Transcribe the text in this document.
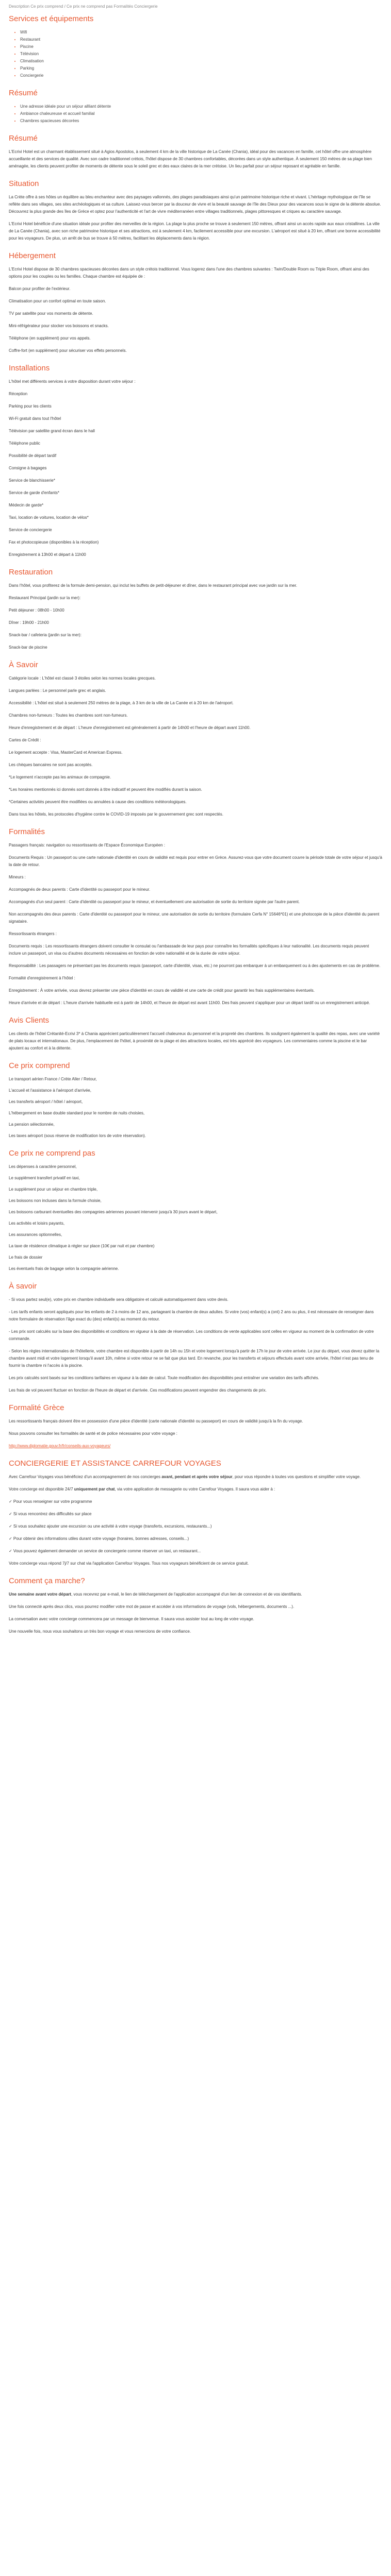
Description Ce prix comprend / Ce prix ne comprend pas Formalités Conciergerie
Services et équipements
• Wifi
• Restaurant
• Piscine
• Télévision
• Climatisation
• Parking
• Conciergerie
Résumé
• Une adresse idéale pour un séjour allliant détente
• Ambiance chaleureuse et accueil familial
• Chambres spacieuses décorées
Résumé

L'Ecrivi Hotel est un charmant établissement situé à Agios Apostolos, à seulement 4 km de la ville historique de La Canée (Chania), idéal pour des vacances en famille, cet hôtel offre une atmosphère accueillante et des services de qualité. Avec son cadre traditionnel crétois, l'hôtel dispose de 30 chambres confortables, décorées dans un style authentique. À seulement 150 mètres de sa plage bien aménagée, les clients peuvent profiter de moments de détente sous le soleil grec et des eaux claires de la mer crétoise. Un lieu parfait pour un séjour reposant et agréable en famille.

Situation

La Crète offre à ses hôtes un équilibre au bleu enchanteur avec des paysages vallonnés, des plages paradisiaques ainsi qu'un patrimoine historique riche et vivant. L'héritage mythologique de l'île se reflète dans ses villages, ses sites archéologiques et sa culture. Laissez-vous bercer par la douceur de vivre et la beauté sauvage de l'île des Dieux pour des vacances sous le signe de la détente absolue. Découvrez la plus grande des îles de Grèce et optez pour l'authenticité et l'art de vivre méditerranéen entre villages traditionnels, plages pittoresques et criques au caractère sauvage.

L'Ecrivi Hotel bénéficie d'une situation idéale pour profiter des merveilles de la région. La plage la plus proche se trouve à seulement 150 mètres, offrant ainsi un accès rapide aux eaux cristallines. La ville de La Canée (Chania), avec son riche patrimoine historique et ses attractions, est à seulement 4 km, facilement accessible pour une excursion. L'aéroport est situé à 20 km, offrant une bonne accessibilité pour les voyageurs. De plus, un arrêt de bus se trouve à 50 mètres, facilitant les déplacements dans la région.

Hébergement

L'Ecrivi Hotel dispose de 30 chambres spacieuses décorées dans un style crétois traditionnel. Vous logerez dans l'une des chambres suivantes : Twin/Double Room ou Triple Room, offrant ainsi des options pour les couples ou les familles. Chaque chambre est équipée de :

Balcon pour profiter de l'extérieur.

Climatisation pour un confort optimal en toute saison.

TV par satellite pour vos moments de détente.

Mini-réfrigérateur pour stocker vos boissons et snacks.

Téléphone (en supplément) pour vos appels.

Coffre-fort (en supplément) pour sécuriser vos effets personnels.

Installations

L'hôtel met différents services à votre disposition durant votre séjour :

Réception

Parking pour les clients

Wi-Fi gratuit dans tout l'hôtel

Télévision par satellite grand écran dans le hall

Téléphone public

Possibilité de départ tardif

Consigne à bagages

Service de blanchisserie*

Service de garde d'enfants*

Médecin de garde*

Taxi, location de voitures, location de vélos*

Service de conciergerie

Fax et photocopieuse (disponibles à la réception)

Enregistrement à 13h00 et départ à 11h00

Restauration

Dans l'hôtel, vous profiterez de la formule demi-pension, qui inclut les buffets de petit-déjeuner et dîner, dans le restaurant principal avec vue jardin sur la mer.

Restaurant Principal (jardin sur la mer):

Petit déjeuner : 08h00 - 10h00

Dîner : 19h00 - 21h00

Snack-bar / cafeteria (jardin sur la mer):

Snack-bar de piscine

À Savoir

Catégorie locale : L'hôtel est classé 3 étoiles selon les normes locales grecques.

Langues parlées : Le personnel parle grec et anglais.

Accessibilité : L'hôtel est situé à seulement 250 mètres de la plage, à 3 km de la ville de La Canée et à 20 km de l'aéroport.

Chambres non-fumeurs : Toutes les chambres sont non-fumeurs.

Heure d'enregistrement et de départ : L'heure d'enregistrement est généralement à partir de 14h00 et l'heure de départ avant 11h00.

Cartes de Crédit :

Le logement accepte : Visa, MasterCard et American Express.

Les chèques bancaires ne sont pas acceptés.

*Le logement n'accepte pas les animaux de compagnie.

*Les horaires mentionnés ici donnés sont donnés à titre indicatif et peuvent être modifiés durant la saison.

*Certaines activités peuvent être modifiées ou annulées à cause des conditions météorologiques.

Dans tous les hôtels, les protocoles d'hygiène contre le COVID-19 imposés par le gouvernement grec sont respectés.

Formalités

Passagers français: navigation ou ressortissants de l'Espace Économique Européen :

Documents Requis : Un passeport ou une carte nationale d'identité en cours de validité est requis pour entrer en Grèce. Assurez-vous que votre document couvre la période totale de votre séjour et jusqu'à la date de retour.

Mineurs :

Accompagnés de deux parents : Carte d'identité ou passeport pour le mineur.

Accompagnés d'un seul parent : Carte d'identité ou passeport pour le mineur, et éventuellement une autorisation de sortie du territoire signée par l'autre parent.

Non accompagnés des deux parents : Carte d'identité ou passeport pour le mineur, une autorisation de sortie du territoire (formulaire Cerfa N° 15646*01) et une photocopie de la pièce d'identité du parent signataire.

Ressortissants étrangers :

Documents requis : Les ressortissants étrangers doivent consulter le consulat ou l'ambassade de leur pays pour connaître les formalités spécifiques à leur nationalité. Les documents requis peuvent inclure un passeport, un visa ou d'autres documents nécessaires en fonction de votre nationalité et de la durée de votre séjour.

Responsabilité : Les passagers ne présentant pas les documents requis (passeport, carte d'identité, visas, etc.) ne pourront pas embarquer à un embarquement ou à des ajustements en cas de problème.

Formalité d'enregistrement à l'hôtel :

Enregistrement : À votre arrivée, vous devrez présenter une pièce d'identité en cours de validité et une carte de crédit pour garantir les frais supplémentaires éventuels.

Heure d'arrivée et de départ : L'heure d'arrivée habituelle est à partir de 14h00, et l'heure de départ est avant 11h00. Des frais peuvent s'appliquer pour un départ tardif ou un enregistrement anticipé.

Avis Clients

Les clients de l'hôtel Crétanité-Ecrivi 3* à Chania apprécient particulièrement l'accueil chaleureux du personnel et la propreté des chambres. Ils soulignent également la qualité des repas, avec une variété de plats locaux et internationaux. De plus, l'emplacement de l'hôtel, à proximité de la plage et des attractions locales, est très apprécié des voyageurs. Les commentaires comme la piscine et le bar ajoutent au confort et à la détente.

Ce prix comprend
Le transport aérien France / Crète Aller / Retour,
L'accueil et l'assistance à l'aéroport d'arrivée,
Les transferts aéroport / hôtel / aéroport,
L'hébergement en base double standard pour le nombre de nuits choisies,
La pension sélectionnée,
Les taxes aéroport (sous réserve de modification lors de votre réservation).
Ce prix ne comprend pas
Les dépenses à caractère personnel,
Le supplément transfert privatif en taxi,
Le supplément pour un séjour en chambre triple,
Les boissons non incluses dans la formule choisie,
Les boissons carburant éventuelles des compagnies aériennes pouvant intervenir jusqu'à 30 jours avant le départ,
Les activités et loisirs payants,
Les assurances optionnelles,
La taxe de résidence climatique à régler sur place (10€ par nuit et par chambre)
Le frais de dossier
Les éventuels frais de bagage selon la compagnie aérienne.
À savoir

- Si vous partez seul(e), votre prix en chambre individuelle sera obligatoire et calculé automatiquement dans votre devis.

- Les tarifs enfants seront appliqués pour les enfants de 2 à moins de 12 ans, partageant la chambre de deux adultes. Si votre (vos) enfant(s) a (ont) 2 ans ou plus, il est nécessaire de renseigner dans notre formulaire de réservation l'âge exact du (des) enfant(s) au moment du retour.

- Les prix sont calculés sur la base des disponibilités et conditions en vigueur à la date de réservation. Les conditions de vente applicables sont celles en vigueur au moment de la confirmation de votre commande.

- Selon les règles internationales de l'hôtellerie, votre chambre est disponible à partir de 14h ou 15h et votre logement lorsqu'à partir de 17h le jour de votre arrivée. Le jour du départ, vous devez quitter la chambre avant midi et votre logement lorsqu'il avant 10h, même si votre retour ne se fait que plus tard. En revanche, pour les transferts et séjours effectués avant votre arrivée, l'hôtel n'est pas tenu de fournir la chambre ni l'accès à la piscine.

Les prix calculés sont basés sur les conditions tarifaires en vigueur à la date de calcul. Toute modification des disponibilités peut entraîner une variation des tarifs affichés.

Les frais de vol peuvent fluctuer en fonction de l'heure de départ et d'arrivée. Ces modifications peuvent engendrer des changements de prix.

Formalité Grèce

Les ressortissants français doivent être en possession d'une pièce d'identité (carte nationale d'identité ou passeport) en cours de validité jusqu'à la fin du voyage.

Nous pouvons consulter les formalités de santé et de police nécessaires pour votre voyage :

http://www.diplomatie.gouv.fr/fr/conseils-aux-voyageurs/

CONCIERGERIE ET ASSISTANCE CARREFOUR VOYAGES

Avec Carrefour Voyages vous bénéficiez d'un accompagnement de nos concierges avant, pendant et après votre séjour, pour vous répondre à toutes vos questions et simplifier votre voyage.

Votre concierge est disponible 24/7 uniquement par chat, via votre application de messagerie ou votre Carrefour Voyages. Il saura vous aider à :

✓ Pour vous renseigner sur votre programme

✓ Si vous rencontrez des difficultés sur place

✓ Si vous souhaitez ajouter une excursion ou une activité à votre voyage (transferts, excursions, restaurants...)

✓ Pour obtenir des informations utiles durant votre voyage (horaires, bonnes adresses, conseils...)

✓ Vous pouvez également demander un service de conciergerie comme réserver un taxi, un restaurant...

Votre concierge vous répond 7j/7 sur chat via l'application Carrefour Voyages. Tous nos voyageurs bénéficient de ce service gratuit.

Comment ça marche?

Une semaine avant votre départ, vous recevrez par e-mail, le lien de téléchargement de l'application accompagné d'un lien de connexion et de vos identifiants.

Une fois connecté après deux clics, vous pourrez modifier votre mot de passe et accéder à vos informations de voyage (vols, hébergements, documents ...).

La conversation avec votre concierge commencera par un message de bienvenue. Il saura vous assister tout au long de votre voyage.

Une nouvelle fois, nous vous souhaitons un très bon voyage et vous remercions de votre confiance.
